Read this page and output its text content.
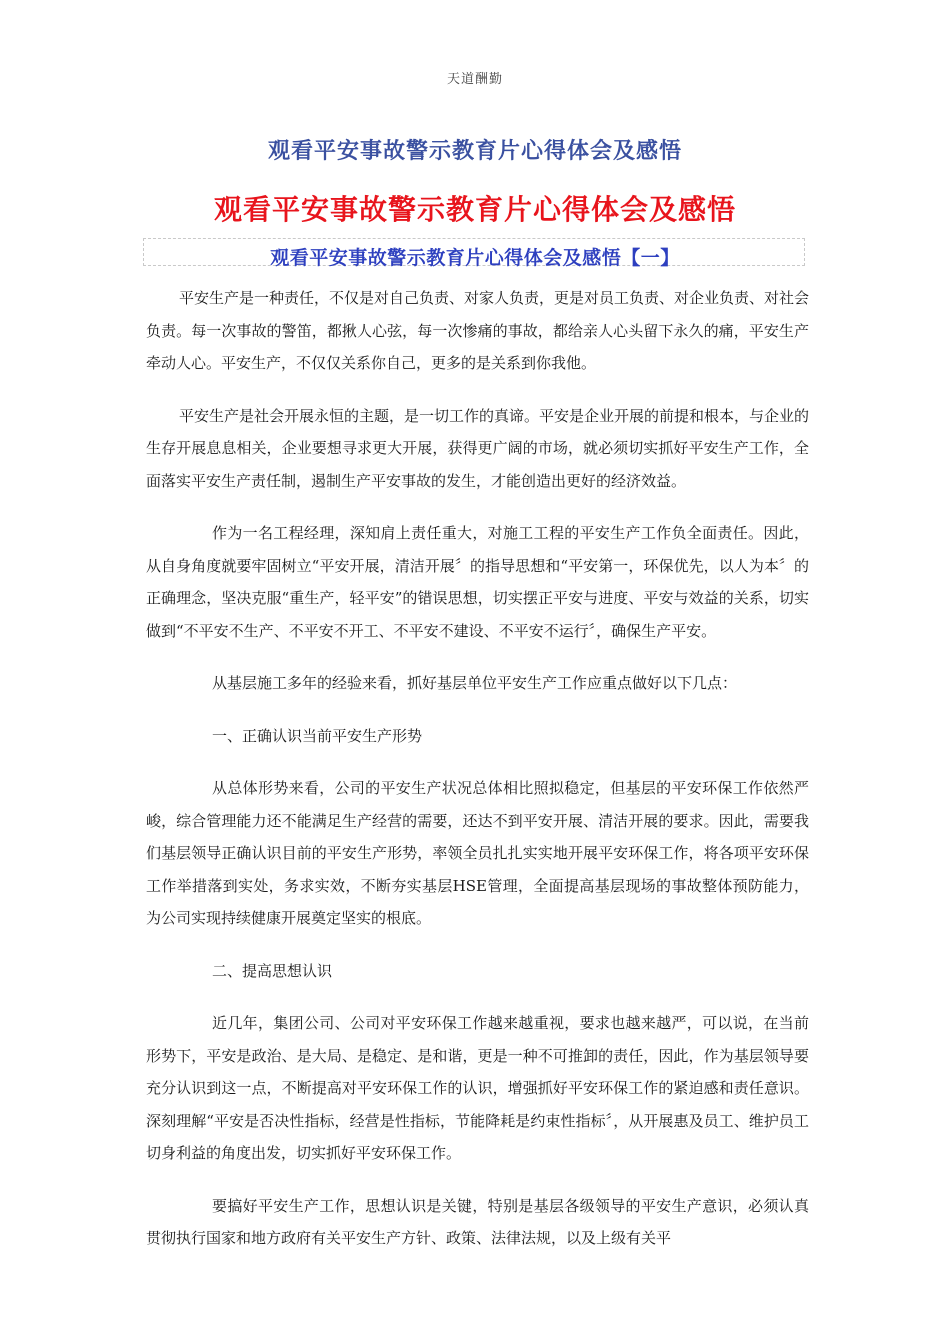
天道酬勤
观看平安事故警示教育片心得体会及感悟
观看平安事故警示教育片心得体会及感悟
观看平安事故警示教育片心得体会及感悟【一】

平安生产是一种责任，不仅是对自己负责、对家人负责，更是对员工负责、对企业负责、对社会负责。每一次事故的警笛，都揪人心弦，每一次惨痛的事故，都给亲人心头留下永久的痛，平安生产牵动人心。平安生产，不仅仅关系你自己，更多的是关系到你我他。

平安生产是社会开展永恒的主题，是一切工作的真谛。平安是企业开展的前提和根本，与企业的生存开展息息相关，企业要想寻求更大开展，获得更广阔的市场，就必须切实抓好平安生产工作，全面落实平安生产责任制，遏制生产平安事故的发生，才能创造出更好的经济效益。

作为一名工程经理，深知肩上责任重大，对施工工程的平安生产工作负全面责任。因此，从自身角度就要牢固树立“平安开展，清洁开展〞的指导思想和“平安第一，环保优先，以人为本〞的正确理念，坚决克服“重生产，轻平安”的错误思想，切实摆正平安与进度、平安与效益的关系，切实做到“不平安不生产、不平安不开工、不平安不建设、不平安不运行〞，确保生产平安。

从基层施工多年的经验来看，抓好基层单位平安生产工作应重点做好以下几点：

一、正确认识当前平安生产形势

从总体形势来看，公司的平安生产状况总体相比照拟稳定，但基层的平安环保工作依然严峻，综合管理能力还不能满足生产经营的需要，还达不到平安开展、清洁开展的要求。因此，需要我们基层领导正确认识目前的平安生产形势，率领全员扎扎实实地开展平安环保工作，将各项平安环保工作举措落到实处，务求实效，不断夯实基层HSE管理，全面提高基层现场的事故整体预防能力，为公司实现持续健康开展奠定坚实的根底。

二、提高思想认识

近几年，集团公司、公司对平安环保工作越来越重视，要求也越来越严，可以说，在当前形势下，平安是政治、是大局、是稳定、是和谐，更是一种不可推卸的责任，因此，作为基层领导要充分认识到这一点，不断提高对平安环保工作的认识，增强抓好平安环保工作的紧迫感和责任意识。深刻理解“平安是否决性指标，经营是性指标，节能降耗是约束性指标〞，从开展惠及员工、维护员工切身利益的角度出发，切实抓好平安环保工作。

要搞好平安生产工作，思想认识是关键，特别是基层各级领导的平安生产意识，必须认真贯彻执行国家和地方政府有关平安生产方针、政策、法律法规，以及上级有关平
